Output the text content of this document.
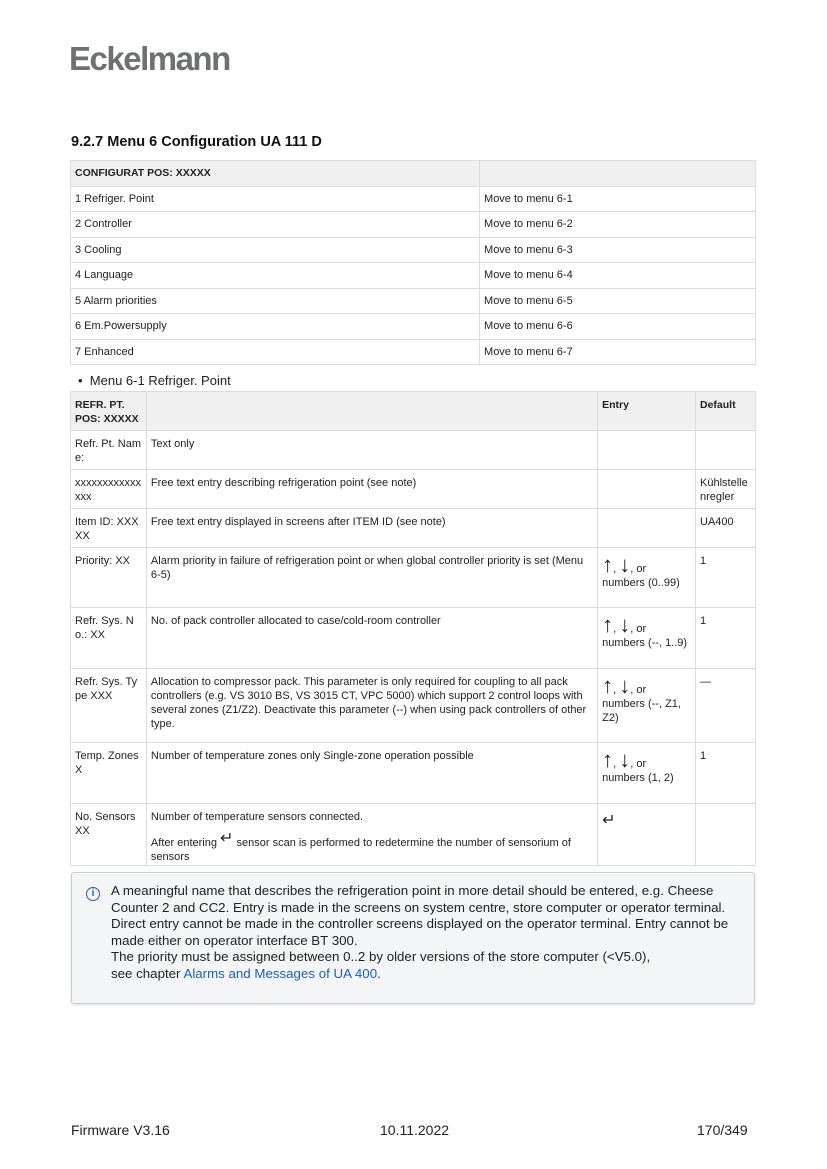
Eckelmann
9.2.7 Menu 6 Configuration UA 111 D
CONFIGURAT POS: XXXXX	
1 Refriger. Point	Move to menu 6-1
2 Controller	Move to menu 6-2
3 Cooling	Move to menu 6-3
4 Language	Move to menu 6-4
5 Alarm priorities	Move to menu 6-5
6 Em.Powersupply	Move to menu 6-6
7 Enhanced	Move to menu 6-7
•  Menu 6-1 Refriger. Point
REFR. PT. POS: XXXXX		Entry	Default
Refr. Pt. Name:	Text only		
xxxxxxxxxxxxxxx	Free text entry describing refrigeration point (see note)		Kühlstellenregler
Item ID: XXXXX	Free text entry displayed in screens after ITEM ID (see note)		UA400
Priority: XX	Alarm priority in failure of refrigeration point or when global controller priority is set (Menu 6-5)	↑, ↓, or
numbers (0..99)	1
Refr. Sys. No.: XX	No. of pack controller allocated to case/cold-room controller	↑, ↓, or
numbers (--, 1..9)	1
Refr. Sys. Type XXX	Allocation to compressor pack. This parameter is only required for coupling to all pack controllers (e.g. VS 3010 BS, VS 3015 CT, VPC 5000) which support 2 control loops with several zones (Z1/Z2). Deactivate this parameter (--) when using pack controllers of other type.	↑, ↓, or
numbers (--, Z1, Z2)	—
Temp. Zones X	Number of temperature zones only Single-zone operation possible	↑, ↓, or
numbers (1, 2)	1
No. Sensors XX	Number of temperature sensors connected.
After entering ↵ sensor scan is performed to redetermine the number of sensorium of sensors	↵	
i	A meaningful name that describes the refrigeration point in more detail should be entered, e.g. Cheese Counter 2 and CC2. Entry is made in the screens on system centre, store computer or operator terminal. Direct entry cannot be made in the controller screens displayed on the operator terminal. Entry cannot be made either on operator interface BT 300.
The priority must be assigned between 0..2 by older versions of the store computer (<V5.0),
see chapter Alarms and Messages of UA 400.
Firmware V3.16	10.11.2022	170/349
